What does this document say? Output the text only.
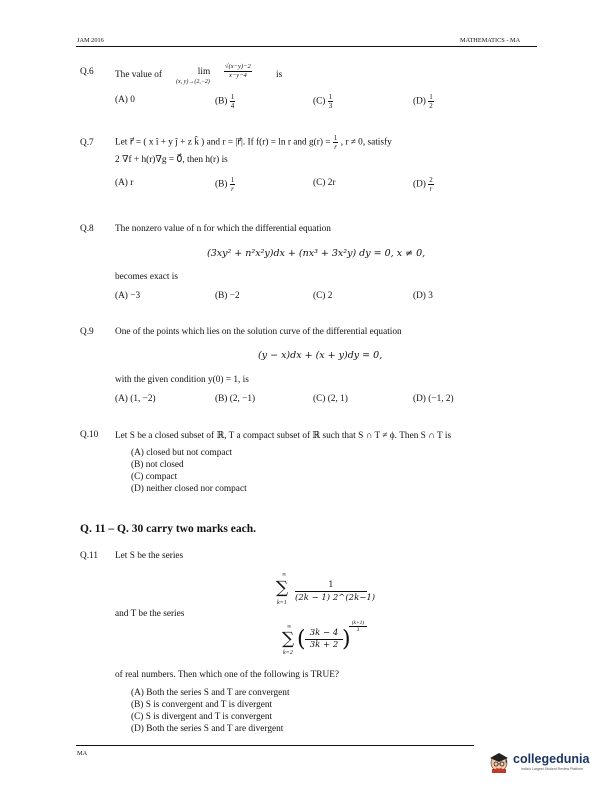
JAM 2016	MATHEMATICS - MA
Q.6 The value of	lim
(x, y)→(2,−2)
$\frac{√(x-y)-2}{x-y-4}$	is
(A) 0	$(B) \frac{1}{4}$	$(C) \frac{1}{3}$	$(D) \frac{1}{2}$
Q.7 Let r⃗ = ( x î + y ĵ + z k̂ ) and r = |r⃗|. If f(r) = ln r and $g(r) = \frac{1}{r}$ , r ≠ 0, satisfy
2 ∇f + h(r)∇g = 0⃗, then h(r) is
(A) r	$(B) \frac{1}{r}$	(C) 2r	$(D) \frac{2}{r}$
Q.8 The nonzero value of n for which the differential equation
(3xy² + n²x²y)dx + (nx³ + 3x²y) dy = 0, x ≠ 0,
becomes exact is
(A) −3	(B) −2	(C) 2	(D) 3
Q.9 One of the points which lies on the solution curve of the differential equation
(y − x)dx + (x + y)dy = 0,
with the given condition y(0) = 1, is
(A) (1, −2)	(B) (2, −1)	(C) (2, 1)	(D) (−1, 2)
Q.10 Let S be a closed subset of ℝ, T a compact subset of ℝ such that S ∩ T ≠ ϕ. Then S ∩ T is
(A) closed but not compact
(B) not closed
(C) compact
(D) neither closed nor compact
Q. 11 – Q. 30 carry two marks each.
Q.11 Let S be the series
∞
∑
$k=1 \frac{1}{(2k - 1) 2\^{}(2k-1)}$
and T be the series
∞
∑
k=2
( $\frac{3k - 4}{3k + 2}$ )
$\frac{(k+1)}{3}$
of real numbers. Then which one of the following is TRUE?
(A) Both the series S and T are convergent
(B) S is convergent and T is divergent
(C) S is divergent and T is convergent
(D) Both the series S and T are divergent
MA	collegedunia
India's Largest Student Review Platform
